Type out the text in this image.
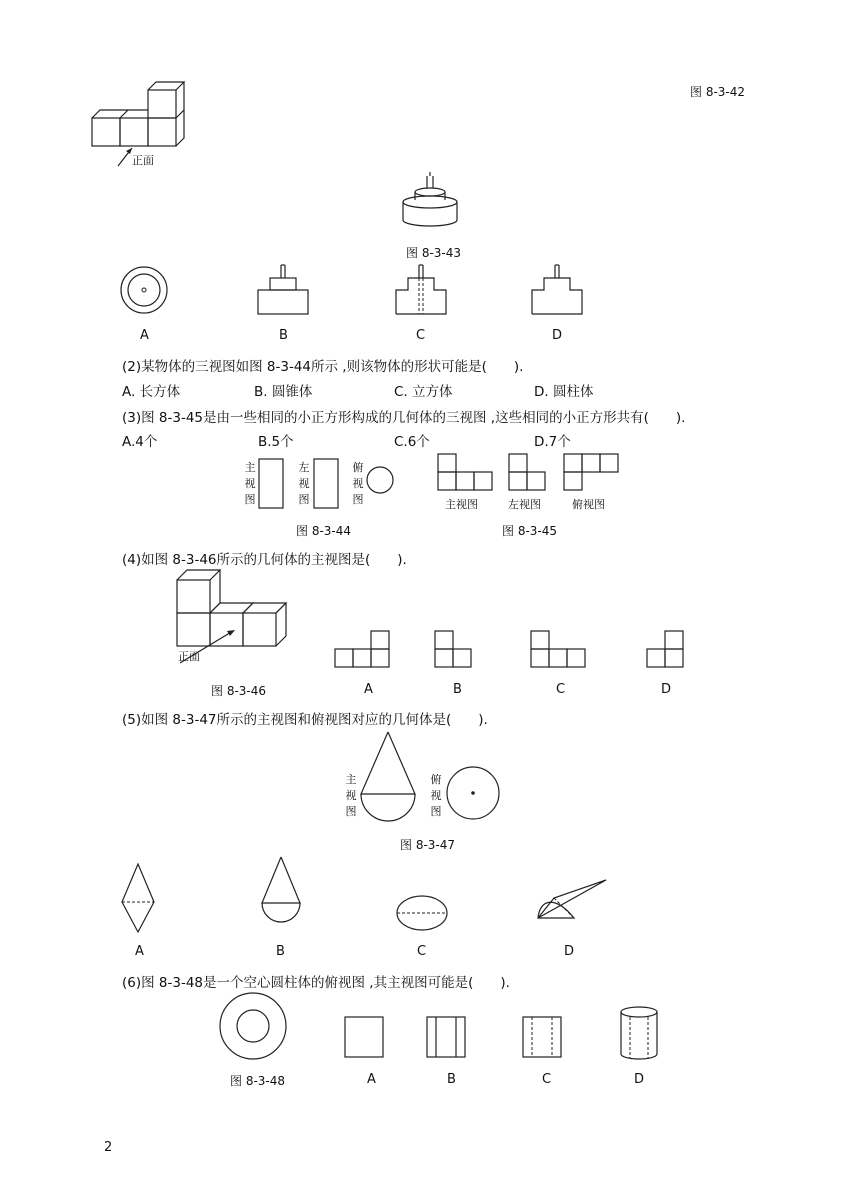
正面
图 8-3-42
图 8-3-43
A	B	C	D
(2)某物体的三视图如图 8-3-44所示 ,则该物体的形状可能是(　　).
A. 长方体	B. 圆锥体	C. 立方体	D. 圆柱体
(3)图 8-3-45是由一些相同的小正方形构成的几何体的三视图 ,这些相同的小正方形共有(　　).
A.4个	B.5个	C.6个	D.7个
主视图
左视图
俯视图
图 8-3-44
主视图	左视图	俯视图
图 8-3-45
(4)如图 8-3-46所示的几何体的主视图是(　　).
正面
图 8-3-46	A	B	C	D
(5)如图 8-3-47所示的主视图和俯视图对应的几何体是(　　).
主视图
俯视图
图 8-3-47
A	B	C	D
(6)图 8-3-48是一个空心圆柱体的俯视图 ,其主视图可能是(　　).
图 8-3-48	A	B	C	D
2
